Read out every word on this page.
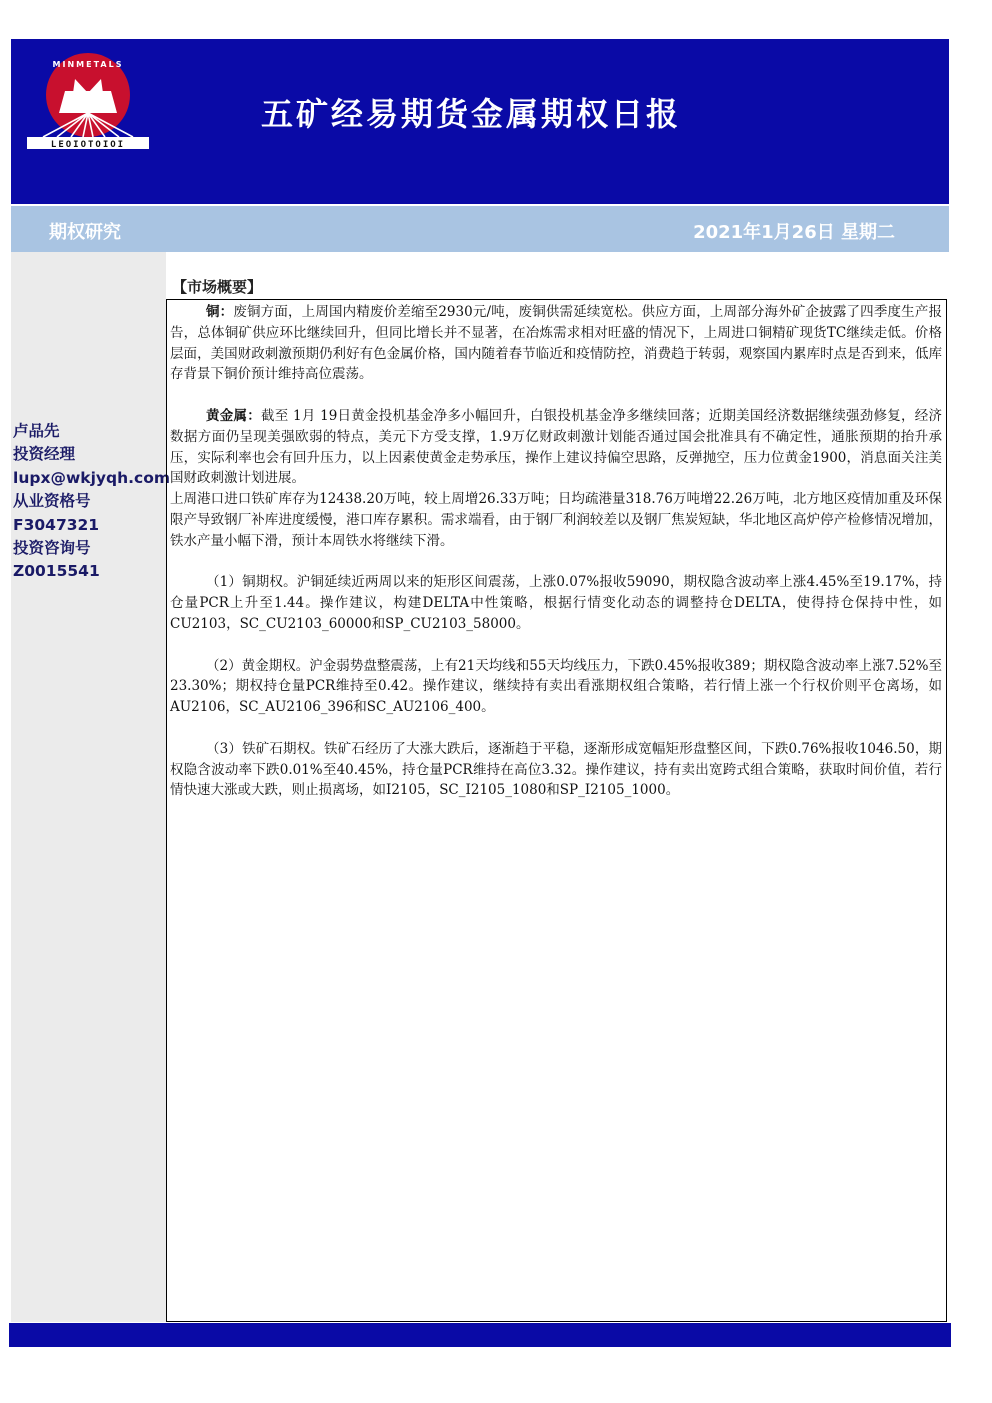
MINMETALS
LEOIOTOIOI
五矿经易期货金属期权日报
期权研究	2021年1月26日 星期二
卢品先
投资经理
lupx@wkjyqh.com
从业资格号
F3047321
投资咨询号
Z0015541
【市场概要】

铜：废铜方面，上周国内精废价差缩至2930元/吨，废铜供需延续宽松。供应方面，上周部分海外矿企披露了四季度生产报告，总体铜矿供应环比继续回升，但同比增长并不显著，在冶炼需求相对旺盛的情况下，上周进口铜精矿现货TC继续走低。价格层面，美国财政刺激预期仍利好有色金属价格，国内随着春节临近和疫情防控，消费趋于转弱，观察国内累库时点是否到来，低库存背景下铜价预计维持高位震荡。

黄金属：截至 1月 19日黄金投机基金净多小幅回升，白银投机基金净多继续回落；近期美国经济数据继续强劲修复，经济数据方面仍呈现美强欧弱的特点，美元下方受支撑，1.9万亿财政刺激计划能否通过国会批准具有不确定性，通胀预期的抬升承压，实际利率也会有回升压力，以上因素使黄金走势承压，操作上建议持偏空思路，反弹抛空，压力位黄金1900，消息面关注美国财政刺激计划进展。

上周港口进口铁矿库存为12438.20万吨，较上周增26.33万吨；日均疏港量318.76万吨增22.26万吨，北方地区疫情加重及环保限产导致钢厂补库进度缓慢，港口库存累积。需求端看，由于钢厂利润较差以及钢厂焦炭短缺，华北地区高炉停产检修情况增加，铁水产量小幅下滑，预计本周铁水将继续下滑。

（1）铜期权。沪铜延续近两周以来的矩形区间震荡，上涨0.07%报收59090，期权隐含波动率上涨4.45%至19.17%，持仓量PCR上升至1.44。操作建议，构建DELTA中性策略，根据行情变化动态的调整持仓DELTA，使得持仓保持中性，如CU2103，SC_CU2103_60000和SP_CU2103_58000。

（2）黄金期权。沪金弱势盘整震荡，上有21天均线和55天均线压力，下跌0.45%报收389；期权隐含波动率上涨7.52%至23.30%；期权持仓量PCR维持至0.42。操作建议，继续持有卖出看涨期权组合策略，若行情上涨一个行权价则平仓离场，如AU2106，SC_AU2106_396和SC_AU2106_400。

（3）铁矿石期权。铁矿石经历了大涨大跌后，逐渐趋于平稳，逐渐形成宽幅矩形盘整区间，下跌0.76%报收1046.50，期权隐含波动率下跌0.01%至40.45%，持仓量PCR维持在高位3.32。操作建议，持有卖出宽跨式组合策略，获取时间价值，若行情快速大涨或大跌，则止损离场，如I2105，SC_I2105_1080和SP_I2105_1000。
